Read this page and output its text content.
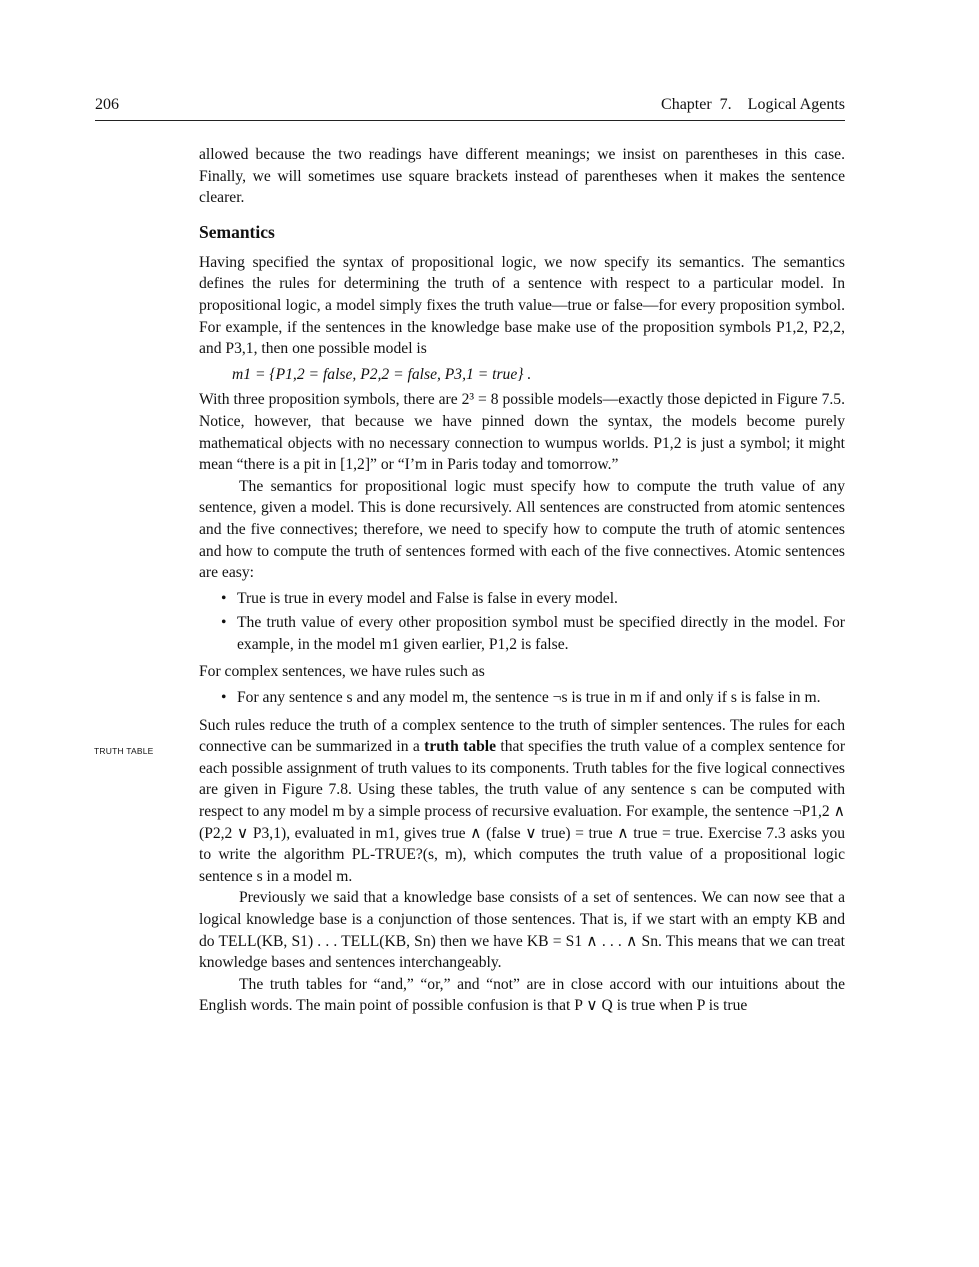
206	Chapter  7.    Logical Agents

allowed because the two readings have different meanings; we insist on parentheses in this case. Finally, we will sometimes use square brackets instead of parentheses when it makes the sentence clearer.

Semantics

Having specified the syntax of propositional logic, we now specify its semantics. The semantics defines the rules for determining the truth of a sentence with respect to a particular model. In propositional logic, a model simply fixes the truth value—true or false—for every proposition symbol. For example, if the sentences in the knowledge base make use of the proposition symbols P1,2, P2,2, and P3,1, then one possible model is

m1 = {P1,2 = false, P2,2 = false, P3,1 = true} .

With three proposition symbols, there are 2³ = 8 possible models—exactly those depicted in Figure 7.5. Notice, however, that because we have pinned down the syntax, the models become purely mathematical objects with no necessary connection to wumpus worlds. P1,2 is just a symbol; it might mean “there is a pit in [1,2]” or “I’m in Paris today and tomorrow.”

The semantics for propositional logic must specify how to compute the truth value of any sentence, given a model. This is done recursively. All sentences are constructed from atomic sentences and the five connectives; therefore, we need to specify how to compute the truth of atomic sentences and how to compute the truth of sentences formed with each of the five connectives. Atomic sentences are easy:

• True is true in every model and False is false in every model.
• The truth value of every other proposition symbol must be specified directly in the model. For example, in the model m1 given earlier, P1,2 is false.

For complex sentences, we have rules such as

• For any sentence s and any model m, the sentence ¬s is true in m if and only if s is false in m.

TRUTH TABLE
Such rules reduce the truth of a complex sentence to the truth of simpler sentences. The rules for each connective can be summarized in a truth table that specifies the truth value of a complex sentence for each possible assignment of truth values to its components. Truth tables for the five logical connectives are given in Figure 7.8. Using these tables, the truth value of any sentence s can be computed with respect to any model m by a simple process of recursive evaluation. For example, the sentence ¬P1,2 ∧ (P2,2 ∨ P3,1), evaluated in m1, gives true ∧ (false ∨ true) = true ∧ true = true. Exercise 7.3 asks you to write the algorithm PL-TRUE?(s, m), which computes the truth value of a propositional logic sentence s in a model m.

Previously we said that a knowledge base consists of a set of sentences. We can now see that a logical knowledge base is a conjunction of those sentences. That is, if we start with an empty KB and do TELL(KB, S1) . . . TELL(KB, Sn) then we have KB = S1 ∧ . . . ∧ Sn. This means that we can treat knowledge bases and sentences interchangeably.

The truth tables for “and,” “or,” and “not” are in close accord with our intuitions about the English words. The main point of possible confusion is that P ∨ Q is true when P is true
